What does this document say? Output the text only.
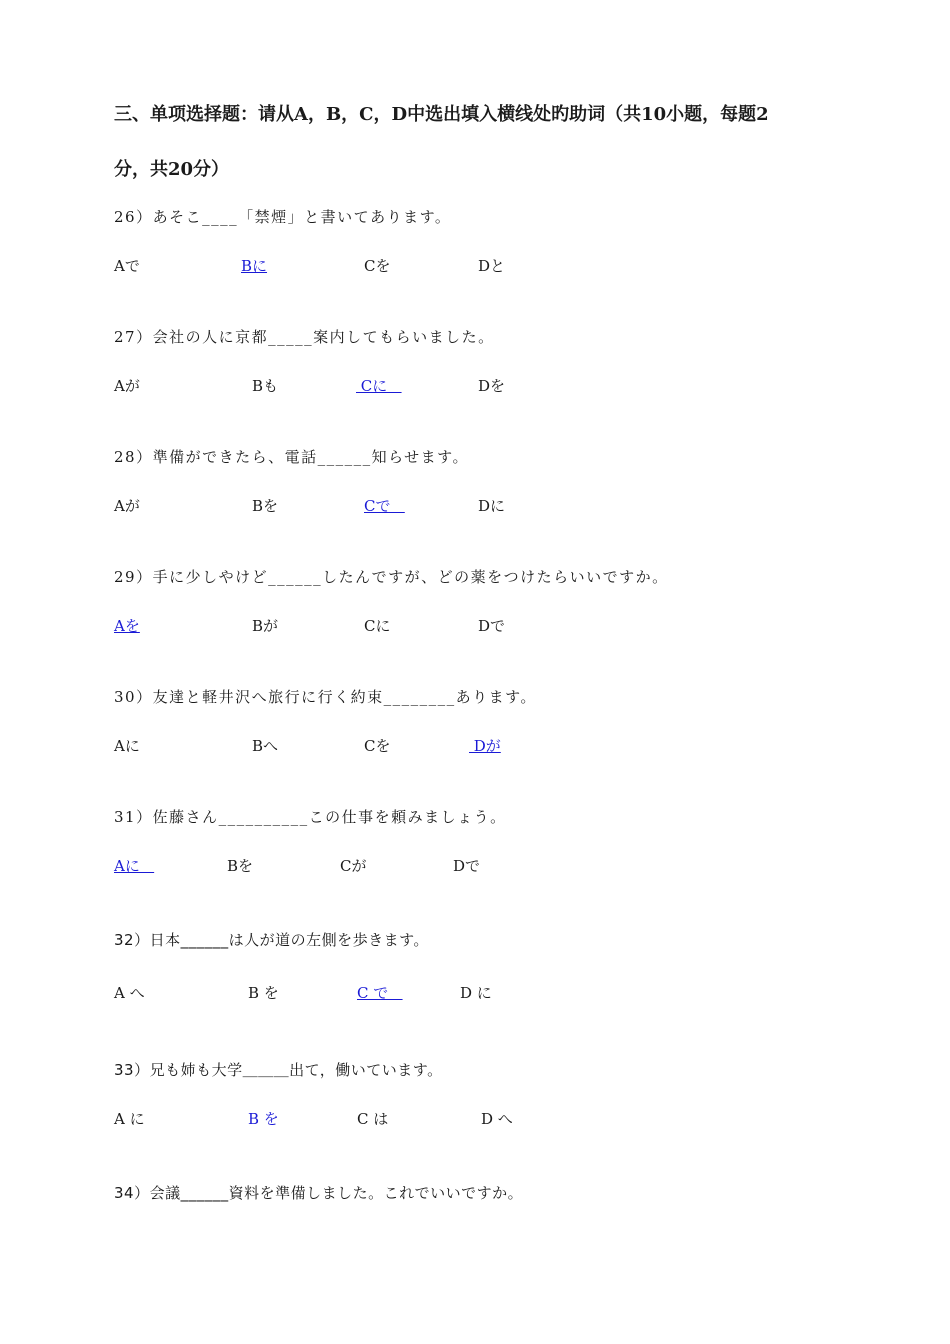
三、单项选择题：请从A，B，C，D中选出填入横线处旳助词（共10小题，每题2
分，共20分）
26）あそこ____「禁煙」と書いてあります。
Aで	Bに	Cを	Dと
27）会社の人に京都_____案内してもらいました。
Aが	Bも	Cに	Dを
28）準備ができたら、電話______知らせます。
Aが	Bを	Cで	Dに
29）手に少しやけど______したんですが、どの薬をつけたらいいですか。
Aを	Bが	Cに	Dで
30）友達と軽井沢へ旅行に行く約束________あります。
Aに	Bへ	Cを	Dが
31）佐藤さん__________この仕事を頼みましょう。
Aに	Bを	Cが	Dで
32）日本______は人が道の左側を歩きます。
A へ	B を	C で	D に
33）兄も姉も大学＿＿＿出て，働いています。
A に	B を	C は	D へ
34）会議______資料を準備しました。これでいいですか。
